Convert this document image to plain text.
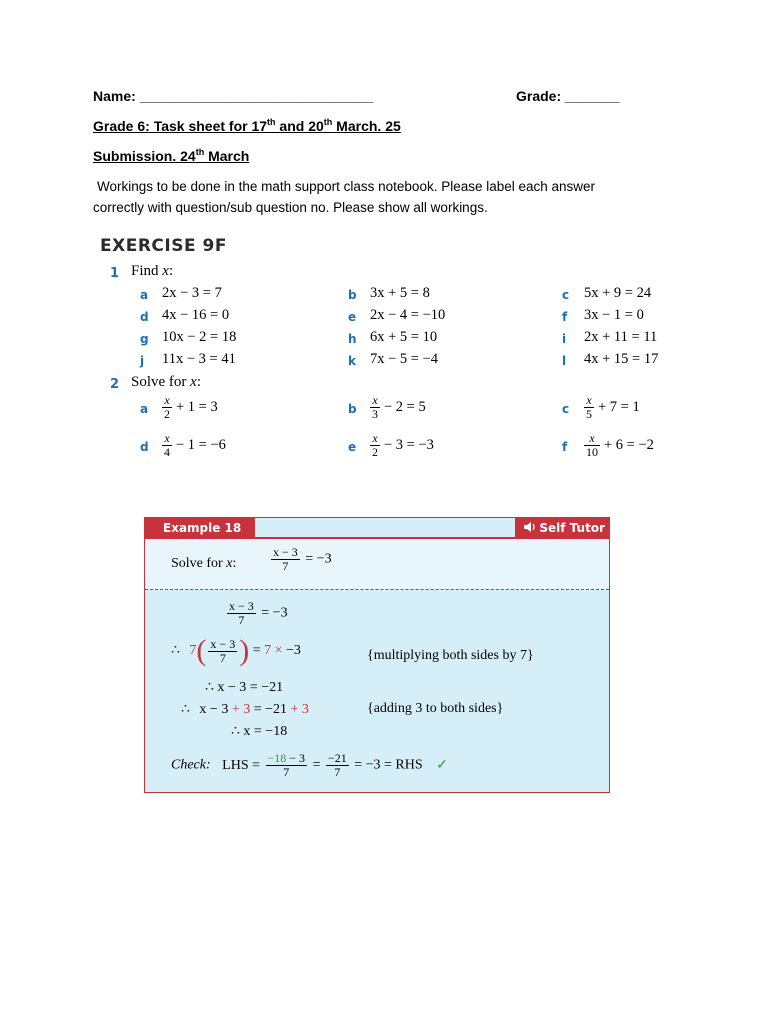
Name: ______________________________	Grade: _______
Grade 6: Task sheet for 17th and 20th March. 25
Submission. 24th March
Workings to be done in the math support class notebook. Please label each answer
correctly with question/sub question no. Please show all workings.
EXERCISE 9F
1 Find x:
a 2x − 3 = 7	b 3x + 5 = 8	c 5x + 9 = 24
d 4x − 16 = 0	e 2x − 4 = −10	f 3x − 1 = 0
g 10x − 2 = 18	h 6x + 5 = 10	i 2x + 11 = 11
j 11x − 3 = 41	k 7x − 5 = −4	l 4x + 15 = 17
2 Solve for x:
a $\frac{x}{2} + 1 = 3$	b $\frac{x}{3} - 2 = 5$	c $\frac{x}{5} + 7 = 1$
d $\frac{x}{4} - 1 = -6$	e $\frac{x}{2} - 3 = -3$	f $\frac{x}{10} + 6 = -2$
Example 18	Self Tutor
Solve for x:	$\frac{x - 3}{7} = -3$
$\frac{x - 3}{7} = -3$
∴ $7( \frac{x - 3}{7}$ ) = 7 × −3	{multiplying both sides by 7}
∴ x − 3 = −21
∴ x − 3 + 3 = −21 + 3	{adding 3 to both sides}
∴ x = −18
Check: LHS = $\frac{-18 - 3}{7} = \frac{-21}{7} = -3$ = RHS ✓
